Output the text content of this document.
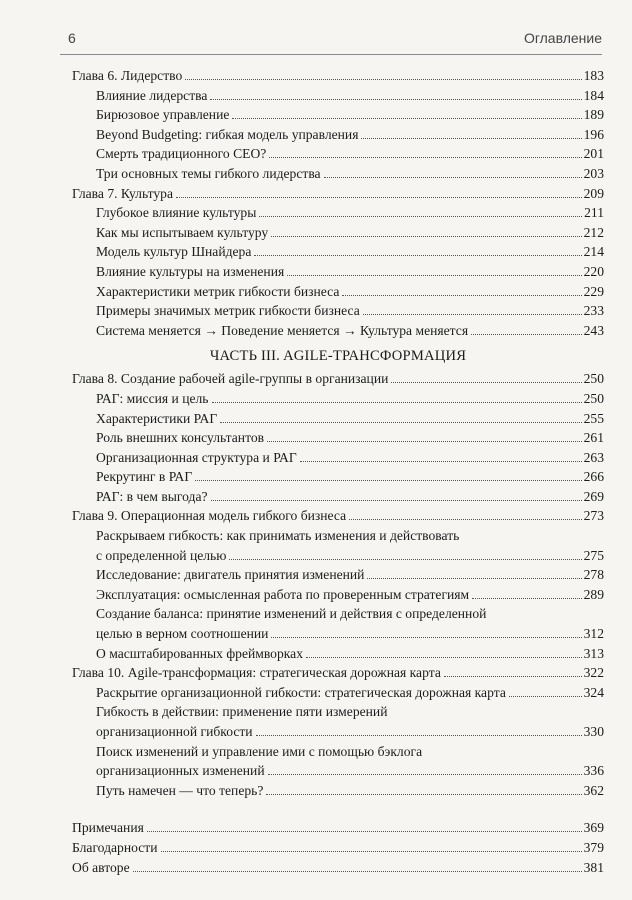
6	Оглавление
Глава 6. Лидерство	183
Влияние лидерства	184
Бирюзовое управление	189
Beyond Budgeting: гибкая модель управления	196
Смерть традиционного CEO?	201
Три основных темы гибкого лидерства	203
Глава 7. Культура	209
Глубокое влияние культуры	211
Как мы испытываем культуру	212
Модель культур Шнайдера	214
Влияние культуры на изменения	220
Характеристики метрик гибкости бизнеса	229
Примеры значимых метрик гибкости бизнеса	233
Система меняется → Поведение меняется → Культура меняется	243
ЧАСТЬ III. AGILE-ТРАНСФОРМАЦИЯ
Глава 8. Создание рабочей agile-группы в организации	250
РАГ: миссия и цель	250
Характеристики РАГ	255
Роль внешних консультантов	261
Организационная структура и РАГ	263
Рекрутинг в РАГ	266
РАГ: в чем выгода?	269
Глава 9. Операционная модель гибкого бизнеса	273
Раскрываем гибкость: как принимать изменения и действовать
с определенной целью	275
Исследование: двигатель принятия изменений	278
Эксплуатация: осмысленная работа по проверенным стратегиям	289
Создание баланса: принятие изменений и действия с определенной
целью в верном соотношении	312
О масштабированных фреймворках	313
Глава 10. Agile-трансформация: стратегическая дорожная карта	322
Раскрытие организационной гибкости: стратегическая дорожная карта	324
Гибкость в действии: применение пяти измерений
организационной гибкости	330
Поиск изменений и управление ими с помощью бэклога
организационных изменений	336
Путь намечен — что теперь?	362
Примечания	369
Благодарности	379
Об авторе	381
